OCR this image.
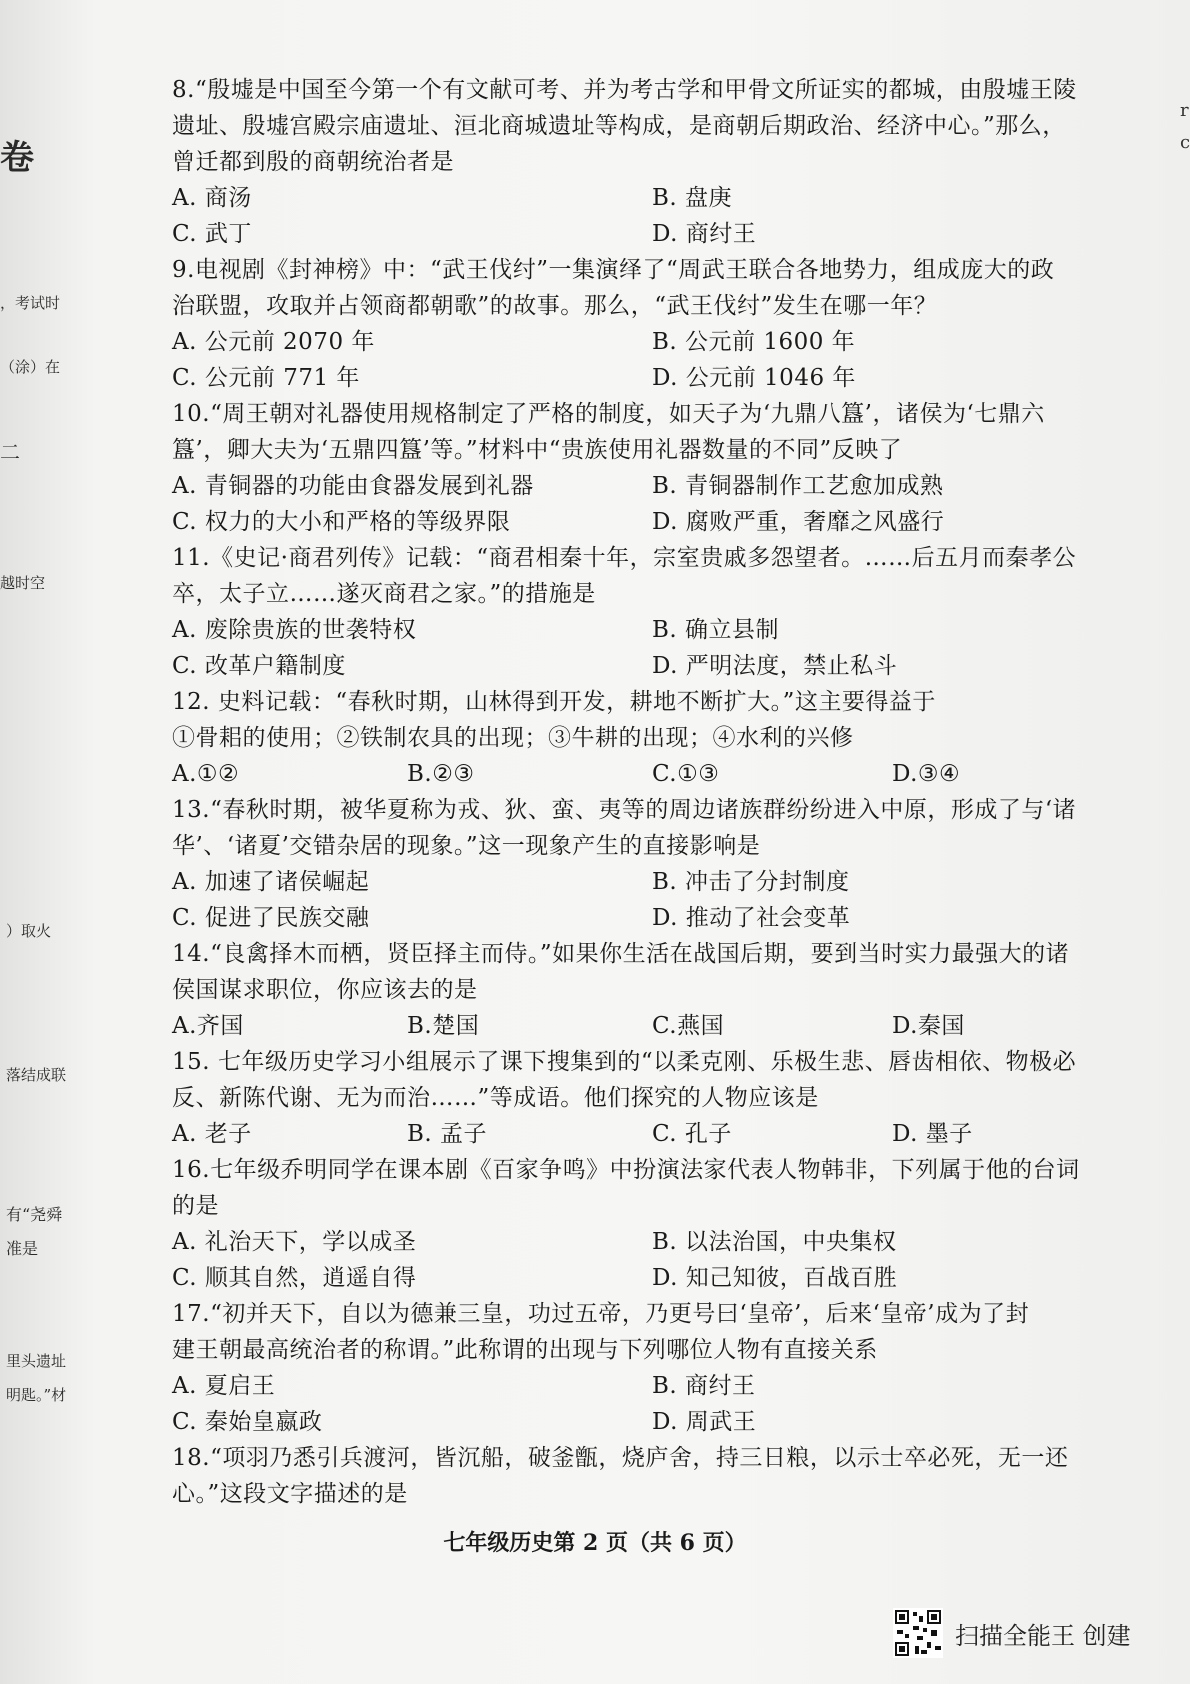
卷
，考试时
（涂）在
二
越时空
）取火
落结成联
有“尧舜
准是
里头遗址
明匙。”材
r
c

8.“殷墟是中国至今第一个有文献可考、并为考古学和甲骨文所证实的都城，由殷墟王陵
遗址、殷墟宫殿宗庙遗址、洹北商城遗址等构成，是商朝后期政治、经济中心。”那么，
曾迁都到殷的商朝统治者是

A. 商汤	B. 盘庚
C. 武丁	D. 商纣王

9.电视剧《封神榜》中：“武王伐纣”一集演绎了“周武王联合各地势力，组成庞大的政
治联盟，攻取并占领商都朝歌”的故事。那么，“武王伐纣”发生在哪一年？

A. 公元前 2070 年	B. 公元前 1600 年
C. 公元前 771 年	D. 公元前 1046 年

10.“周王朝对礼器使用规格制定了严格的制度，如天子为‘九鼎八簋’，诸侯为‘七鼎六
簋’，卿大夫为‘五鼎四簋’等。”材料中“贵族使用礼器数量的不同”反映了

A. 青铜器的功能由食器发展到礼器	B. 青铜器制作工艺愈加成熟
C. 权力的大小和严格的等级界限	D. 腐败严重，奢靡之风盛行

11.《史记·商君列传》记载：“商君相秦十年，宗室贵戚多怨望者。……后五月而秦孝公
卒，太子立……遂灭商君之家。”的措施是

A. 废除贵族的世袭特权	B. 确立县制
C. 改革户籍制度	D. 严明法度，禁止私斗

12. 史料记载：“春秋时期，山林得到开发，耕地不断扩大。”这主要得益于
①骨耜的使用；②铁制农具的出现；③牛耕的出现；④水利的兴修

A.①②	B.②③	C.①③	D.③④

13.“春秋时期，被华夏称为戎、狄、蛮、夷等的周边诸族群纷纷进入中原，形成了与‘诸
华’、‘诸夏’交错杂居的现象。”这一现象产生的直接影响是

A. 加速了诸侯崛起	B. 冲击了分封制度
C. 促进了民族交融	D. 推动了社会变革

14.“良禽择木而栖，贤臣择主而侍。”如果你生活在战国后期，要到当时实力最强大的诸
侯国谋求职位，你应该去的是

A.齐国	B.楚国	C.燕国	D.秦国

15. 七年级历史学习小组展示了课下搜集到的“以柔克刚、乐极生悲、唇齿相依、物极必
反、新陈代谢、无为而治……”等成语。他们探究的人物应该是

A. 老子	B. 孟子	C. 孔子	D. 墨子

16.七年级乔明同学在课本剧《百家争鸣》中扮演法家代表人物韩非，下列属于他的台词
的是

A. 礼治天下，学以成圣	B. 以法治国，中央集权
C. 顺其自然，逍遥自得	D. 知己知彼，百战百胜

17.“初并天下，自以为德兼三皇，功过五帝，乃更号曰‘皇帝’，后来‘皇帝’成为了封
建王朝最高统治者的称谓。”此称谓的出现与下列哪位人物有直接关系

A. 夏启王	B. 商纣王
C. 秦始皇嬴政	D. 周武王

18.“项羽乃悉引兵渡河，皆沉船，破釜甑，烧庐舍，持三日粮，以示士卒必死，无一还
心。”这段文字描述的是

七年级历史第 2 页（共 6 页）
扫描全能王 创建
